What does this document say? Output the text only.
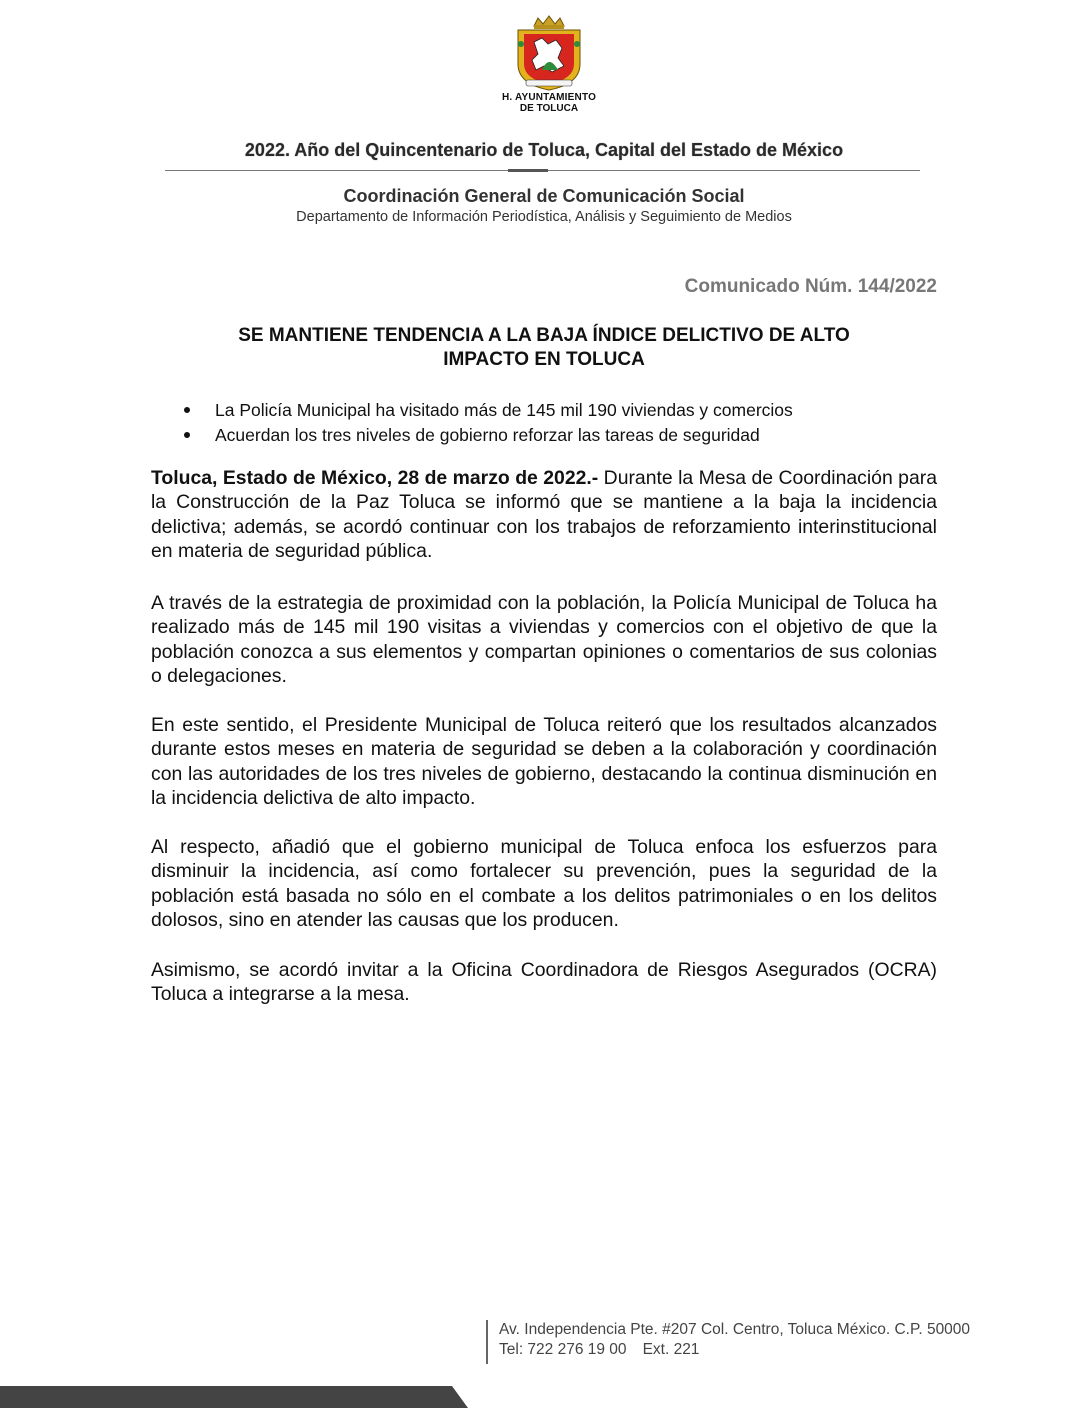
H. AYUNTAMIENTO
DE TOLUCA
2022. Año del Quincentenario de Toluca, Capital del Estado de México
Coordinación General de Comunicación Social
Departamento de Información Periodística, Análisis y Seguimiento de Medios
Comunicado Núm. 144/2022
SE MANTIENE TENDENCIA A LA BAJA ÍNDICE DELICTIVO DE ALTO
IMPACTO EN TOLUCA
La Policía Municipal ha visitado más de 145 mil 190 viviendas y comercios
Acuerdan los tres niveles de gobierno reforzar las tareas de seguridad
Toluca, Estado de México, 28 de marzo de 2022.- Durante la Mesa de Coordinación para la Construcción de la Paz Toluca se informó que se mantiene a la baja la incidencia delictiva; además, se acordó continuar con los trabajos de reforzamiento interinstitucional en materia de seguridad pública.
A través de la estrategia de proximidad con la población, la Policía Municipal de Toluca ha realizado más de 145 mil 190 visitas a viviendas y comercios con el objetivo de que la población conozca a sus elementos y compartan opiniones o comentarios de sus colonias o delegaciones.
En este sentido, el Presidente Municipal de Toluca reiteró que los resultados alcanzados durante estos meses en materia de seguridad se deben a la colaboración y coordinación con las autoridades de los tres niveles de gobierno, destacando la continua disminución en la incidencia delictiva de alto impacto.
Al respecto, añadió que el gobierno municipal de Toluca enfoca los esfuerzos para disminuir la incidencia, así como fortalecer su prevención, pues la seguridad de la población está basada no sólo en el combate a los delitos patrimoniales o en los delitos dolosos, sino en atender las causas que los producen.
Asimismo, se acordó invitar a la Oficina Coordinadora de Riesgos Asegurados (OCRA) Toluca a integrarse a la mesa.
Av. Independencia Pte. #207 Col. Centro, Toluca México. C.P. 50000
Tel: 722 276 19 00 Ext. 221
